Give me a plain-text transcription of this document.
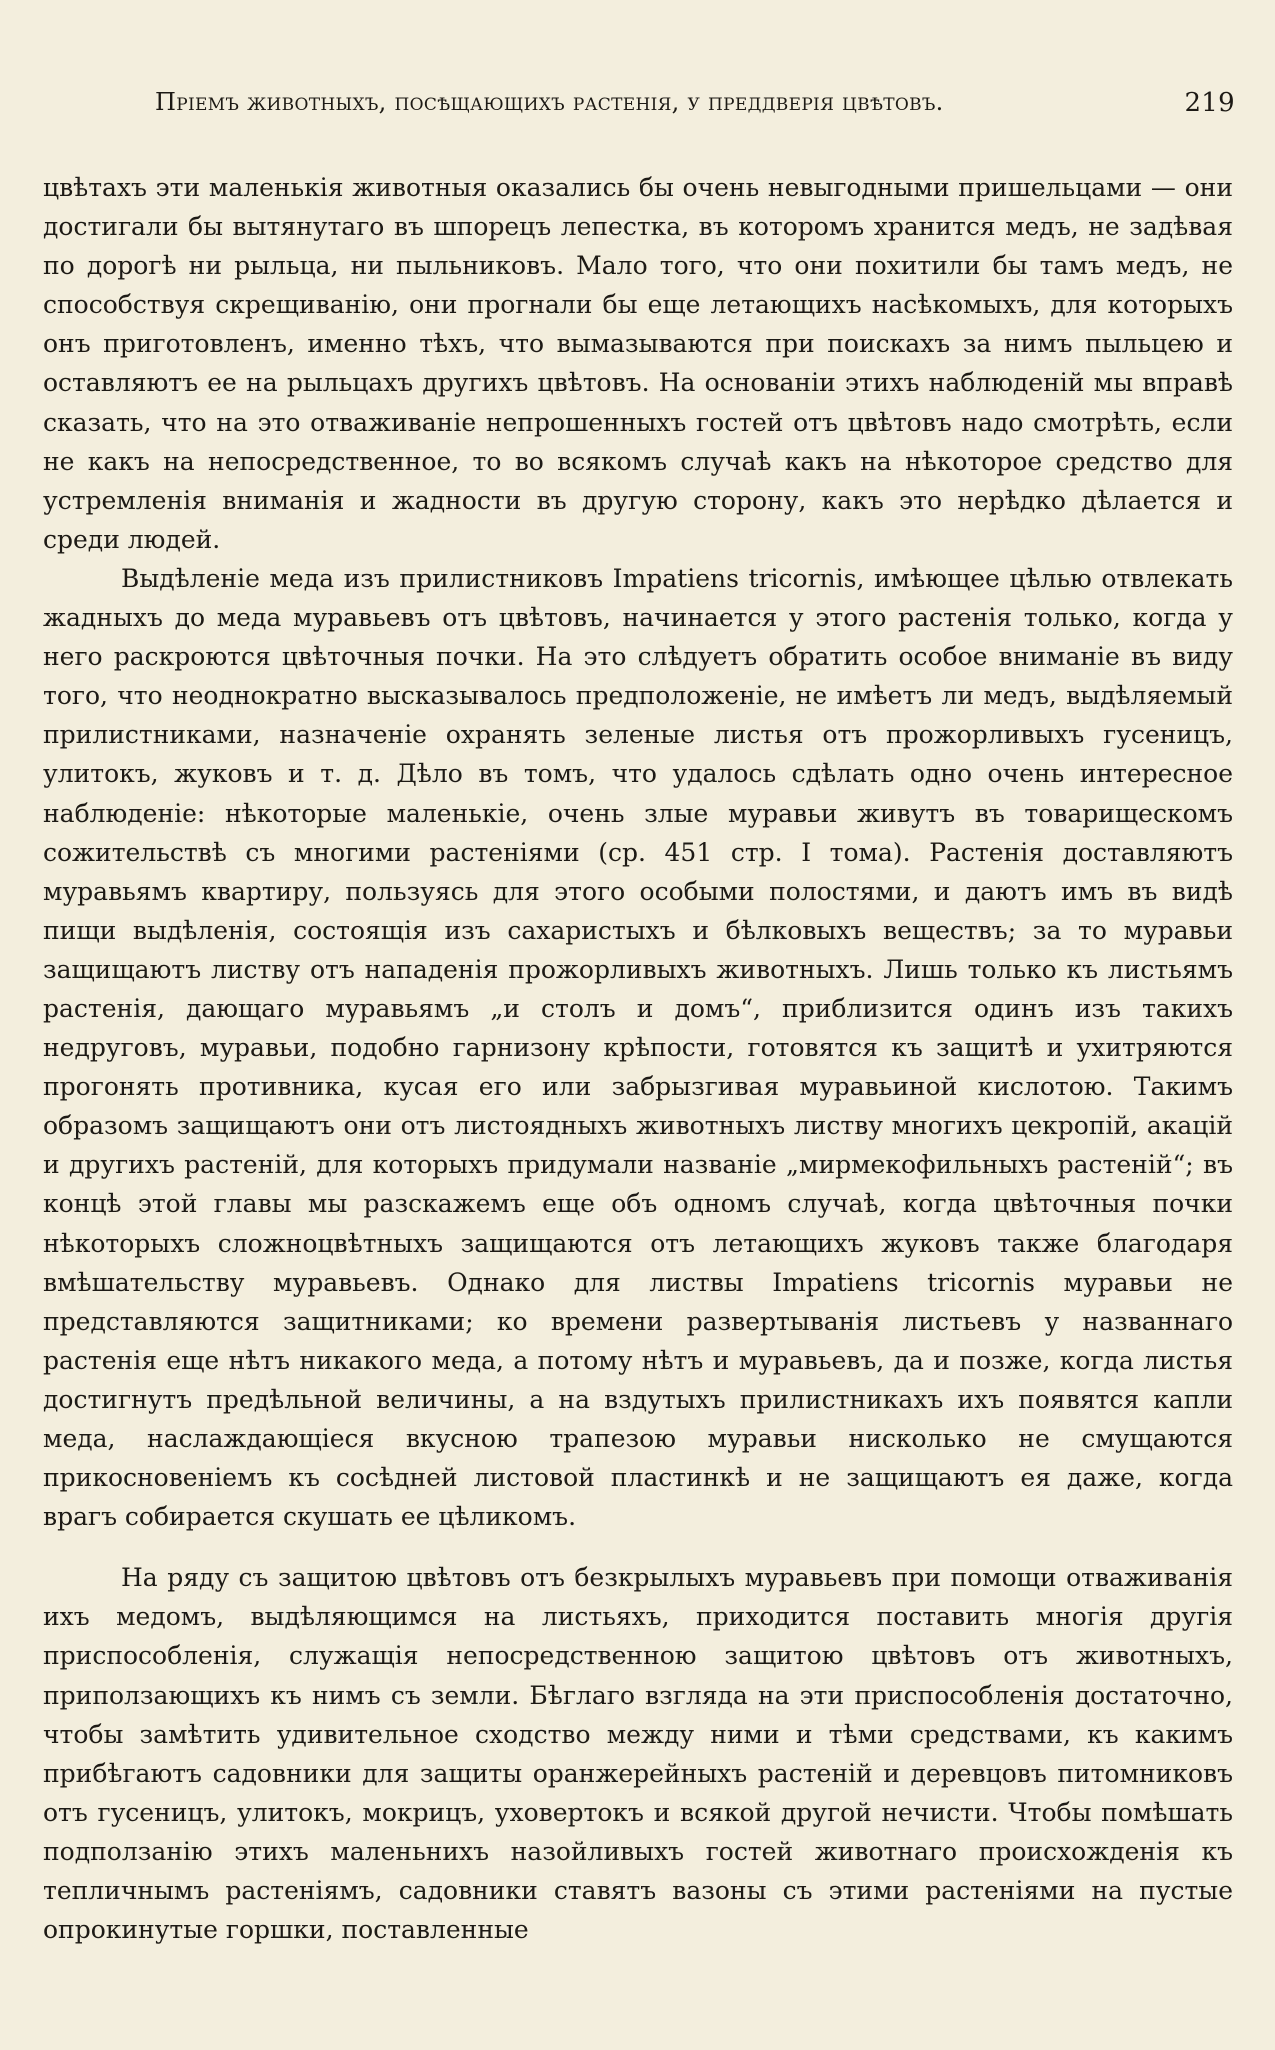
Пріемъ животныхъ, посѣщающихъ растенія, у преддверія цвѣтовъ.	219

цвѣтахъ эти маленькія животныя оказались бы очень невыгодными пришельцами — они достигали бы вытянутаго въ шпорецъ лепестка, въ которомъ хранится медъ, не задѣвая по дорогѣ ни рыльца, ни пыльниковъ. Мало того, что они похитили бы тамъ медъ, не способствуя скрещиванію, они прогнали бы еще летающихъ насѣкомыхъ, для которыхъ онъ приготовленъ, именно тѣхъ, что вымазываются при поискахъ за нимъ пыльцею и оставляютъ ее на рыльцахъ другихъ цвѣтовъ. На основаніи этихъ наблюденій мы вправѣ сказать, что на это отваживаніе непрошенныхъ гостей отъ цвѣтовъ надо смотрѣть, если не какъ на непосредственное, то во всякомъ случаѣ какъ на нѣкоторое средство для устремленія вниманія и жадности въ другую сторону, какъ это нерѣдко дѣлается и среди людей.

Выдѣленіе меда изъ прилистниковъ Impatiens tricornis, имѣющее цѣлью отвлекать жадныхъ до меда муравьевъ отъ цвѣтовъ, начинается у этого растенія только, когда у него раскроются цвѣточныя почки. На это слѣдуетъ обратить особое вниманіе въ виду того, что неоднократно высказывалось предположеніе, не имѣетъ ли медъ, выдѣляемый прилистниками, назначеніе охранять зеленые листья отъ прожорливыхъ гусеницъ, улитокъ, жуковъ и т. д. Дѣло въ томъ, что удалось сдѣлать одно очень интересное наблюденіе: нѣкоторые маленькіе, очень злые муравьи живутъ въ товарищескомъ сожительствѣ съ многими растеніями (ср. 451 стр. I тома). Растенія доставляютъ муравьямъ квартиру, пользуясь для этого особыми полостями, и даютъ имъ въ видѣ пищи выдѣленія, состоящія изъ сахаристыхъ и бѣлковыхъ веществъ; за то муравьи защищаютъ листву отъ нападенія прожорливыхъ животныхъ. Лишь только къ листьямъ растенія, дающаго муравьямъ „и столъ и домъ“, приблизится одинъ изъ такихъ недруговъ, муравьи, подобно гарнизону крѣпости, готовятся къ защитѣ и ухитряются прогонять противника, кусая его или забрызгивая муравьиной кислотою. Такимъ образомъ защищаютъ они отъ листоядныхъ животныхъ листву многихъ цекропій, акацій и другихъ растеній, для которыхъ придумали названіе „мирмекофильныхъ растеній“; въ концѣ этой главы мы разскажемъ еще объ одномъ случаѣ, когда цвѣточныя почки нѣкоторыхъ сложноцвѣтныхъ защищаются отъ летающихъ жуковъ также благодаря вмѣшательству муравьевъ. Однако для листвы Impatiens tricornis муравьи не представляются защитниками; ко времени развертыванія листьевъ у названнаго растенія еще нѣтъ никакого меда, а потому нѣтъ и муравьевъ, да и позже, когда листья достигнутъ предѣльной величины, а на вздутыхъ прилистникахъ ихъ появятся капли меда, наслаждающіеся вкусною трапезою муравьи нисколько не смущаются прикосновеніемъ къ сосѣдней листовой пластинкѣ и не защищаютъ ея даже, когда врагъ собирается скушать ее цѣликомъ.

На ряду съ защитою цвѣтовъ отъ безкрылыхъ муравьевъ при помощи отваживанія ихъ медомъ, выдѣляющимся на листьяхъ, приходится поставить многія другія приспособленія, служащія непосредственною защитою цвѣтовъ отъ животныхъ, приползающихъ къ нимъ съ земли. Бѣглаго взгляда на эти приспособленія достаточно, чтобы замѣтить удивительное сходство между ними и тѣми средствами, къ какимъ прибѣгаютъ садовники для защиты оранжерейныхъ растеній и деревцовъ питомниковъ отъ гусеницъ, улитокъ, мокрицъ, уховертокъ и всякой другой нечисти. Чтобы помѣшать подползанію этихъ маленьнихъ назойливыхъ гостей животнаго происхожденія къ тепличнымъ растеніямъ, садовники ставятъ вазоны съ этими растеніями на пустые опрокинутые горшки, поставленные
